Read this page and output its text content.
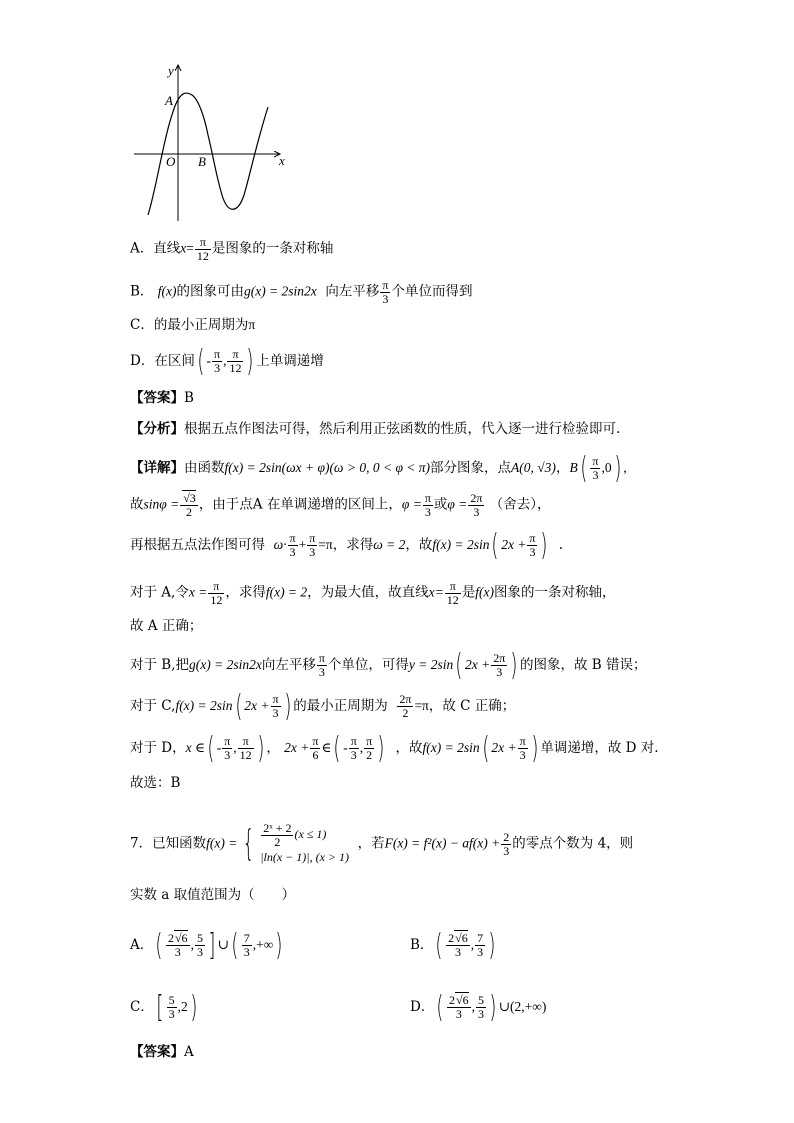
y
x
A
O B
A．直线$x= \frac{\pi}{12}$ 是图象的一条对称轴
B． f(x)的图象可由g(x) = 2sin2x 向左平移 $\frac{\pi}{3}$ 个单位而得到
C．的最小正周期为π
D．在区间( - $\frac{\pi}{3}$ , $\frac{\pi}{12}$ ) 上单调递增
【答案】B
【分析】根据五点作图法可得，然后利用正弦函数的性质，代入逐一进行检验即可.
【详解】由函数f(x) = 2sin(ωx + φ)(ω > 0, 0 < φ < π)部分图象，点A(0, √3)，$B( \frac{\pi}{3} ,0)$ ,
故$\sin\varphi = \frac{√3}{2}$ ，由于点A 在单调递增的区间上，$\varphi = \frac{\pi}{3}$ 或$\varphi = \frac{2\pi}{3}$ （舍去），
再根据五点法作图可得 $\omega\cdot \frac{\pi}{3} + \frac{\pi}{3} =\pi$，求得ω = 2，故f(x) = 2sin( $2x + \frac{\pi}{3}$ )  .
对于 A,令$x = \frac{\pi}{12}$ ，求得f(x) = 2，为最大值，故直线$x= \frac{\pi}{12}$ 是f(x)图象的一条对称轴，
故 A 正确；
对于 B,把g(x) = 2sin2x向左平移 $\frac{\pi}{3}$ 个单位，可得y = 2sin( $2x + \frac{2\pi}{3}$ ) 的图象，故 B 错误；
对于 C,f(x) = 2sin( $2x + \frac{\pi}{3}$ ) 的最小正周期为 $\frac{2\pi}{2} =\pi$，故 C 正确；
对于 D，x ∈( - $\frac{\pi}{3}$ , $\frac{\pi}{12}$ ) ， $2x + \frac{\pi}{6}$ ∈( - $\frac{\pi}{3}$ , $\frac{\pi}{2}$ ) ，故f(x) = 2sin( $2x + \frac{\pi}{3}$ ) 单调递增，故 D 对.
故选：B
7．已知函数f(x) = { $\frac{\text{2ˣ + 2}}{2} (x \le 1)$
|ln(x − 1)|, (x > 1)
，若$F(x) = f^2(x) - af(x) + \frac{2}{3}$ 的零点个数为 4，则
实数 a 取值范围为（　　）
A．( $\frac{2√6}{3}$ , $\frac{5}{3}$ ] ∪( $\frac{7}{3}$ ,+∞)	B．( $\frac{2√6}{3}$ , $\frac{7}{3}$ )
C．[ $\frac{5}{3} ,2$)	D．( $\frac{2√6}{3}$ , $\frac{5}{3}$ ) ∪(2,+∞)
【答案】A
